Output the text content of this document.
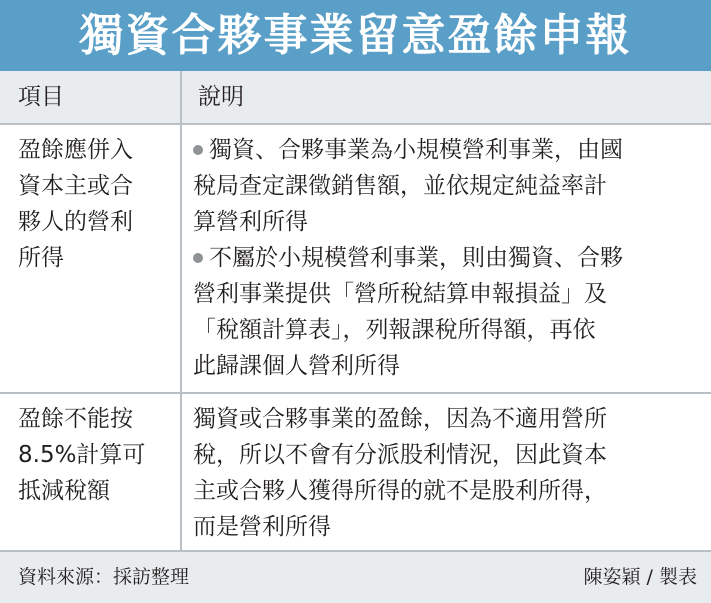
獨資合夥事業留意盈餘申報
項目	說明
盈餘應併入
資本主或合
夥人的營利
所得
獨資、合夥事業為小規模營利事業，由國
稅局查定課徵銷售額，並依規定純益率計
算營利所得
不屬於小規模營利事業，則由獨資、合夥
營利事業提供「營所稅結算申報損益」及
「稅額計算表」，列報課稅所得額，再依
此歸課個人營利所得
盈餘不能按
8.5%計算可
抵減稅額
獨資或合夥事業的盈餘，因為不適用營所
稅，所以不會有分派股利情況，因此資本
主或合夥人獲得所得的就不是股利所得，
而是營利所得
資料來源：採訪整理	陳姿穎 / 製表
